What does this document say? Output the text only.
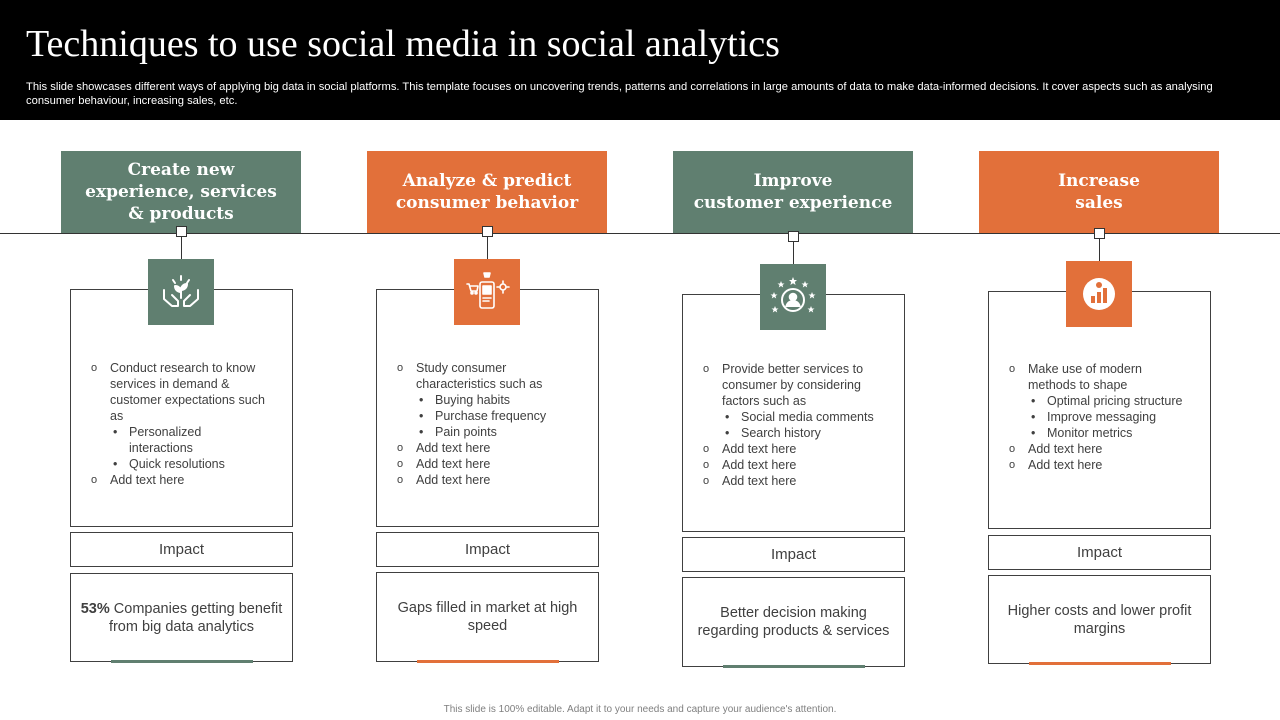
Techniques to use social media in social analytics
This slide showcases different ways of applying big data in social platforms. This template focuses on uncovering trends, patterns and correlations in large amounts of data to make data-informed decisions. It cover aspects such as analysing consumer behaviour, increasing sales, etc.
Create new
experience, services
& products
o Conduct research to know services in demand & customer expectations such as
• Personalized interactions
• Quick resolutions
o Add text here
Impact
53% Companies getting benefit from big data analytics
Analyze & predict
consumer behavior
o Study consumer characteristics such as
• Buying habits
• Purchase frequency
• Pain points
o Add text here
o Add text here
o Add text here
Impact
Gaps filled in market at high speed
Improve
customer experience
o Provide better services to consumer by considering factors such as
• Social media comments
• Search history
o Add text here
o Add text here
o Add text here
Impact
Better decision making regarding products & services
Increase
sales
o Make use of modern methods to shape
• Optimal pricing structure
• Improve messaging
• Monitor metrics
o Add text here
o Add text here
Impact
Higher costs and lower profit margins
This slide is 100% editable. Adapt it to your needs and capture your audience's attention.
